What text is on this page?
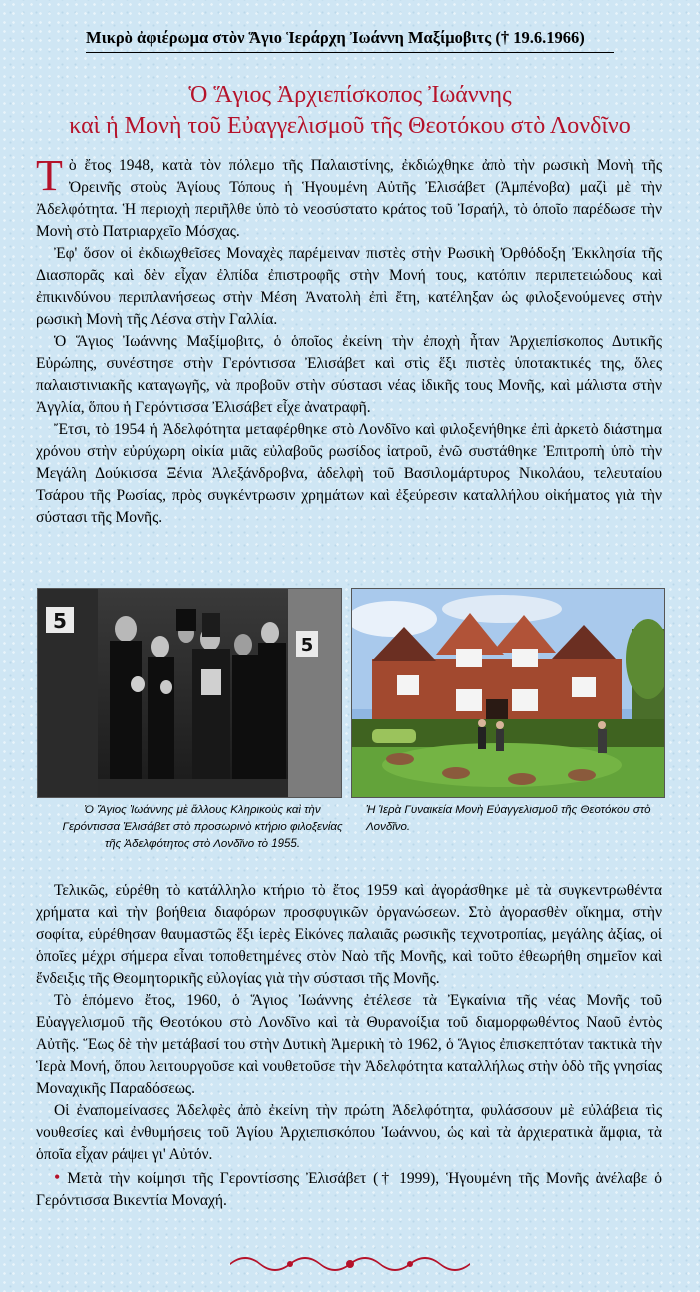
Μικρὸ ἀφιέρωμα στὸν Ἅγιο Ἱεράρχη Ἰωάννη Μαξίμοβιτς († 19.6.1966)
Ὁ Ἅγιος Ἀρχιεπίσκοπος Ἰωάννης
καὶ ἡ Μονὴ τοῦ Εὐαγγελισμοῦ τῆς Θεοτόκου στὸ Λονδῖνο

Τὸ ἔτος 1948, κατὰ τὸν πόλεμο τῆς Παλαιστίνης, ἐκδιώχθηκε ἀπὸ τὴν ρωσικὴ Μονὴ τῆς Ὀρεινῆς στοὺς Ἁγίους Τόπους ἡ Ἡγουμένη Αὐτῆς Ἐλισάβετ (Ἀμπένοβα) μαζὶ μὲ τὴν Ἀδελφότητα. Ἡ περιοχὴ περιῆλθε ὑπὸ τὸ νεοσύστατο κράτος τοῦ Ἰσραήλ, τὸ ὁποῖο παρέδωσε τὴν Μονὴ στὸ Πατριαρχεῖο Μόσχας.

Ἐφ' ὅσον οἱ ἐκδιωχθεῖσες Μοναχὲς παρέμειναν πιστὲς στὴν Ρωσικὴ Ὀρθόδοξη Ἐκκλησία τῆς Διασπορᾶς καὶ δὲν εἶχαν ἐλπίδα ἐπιστροφῆς στὴν Μονή τους, κατόπιν περιπετειώδους καὶ ἐπικινδύνου περιπλανήσεως στὴν Μέση Ἀνατολὴ ἐπὶ ἔτη, κατέληξαν ὡς φιλοξενούμενες στὴν ρωσικὴ Μονὴ τῆς Λέσνα στὴν Γαλλία.

Ὁ Ἅγιος Ἰωάννης Μαξίμοβιτς, ὁ ὁποῖος ἐκείνη τὴν ἐποχὴ ἦταν Ἀρχιεπίσκοπος Δυτικῆς Εὐρώπης, συνέστησε στὴν Γερόντισσα Ἐλισάβετ καὶ στὶς ἕξι πιστὲς ὑποτακτικές της, ὅλες παλαιστινιακῆς καταγωγῆς, νὰ προβοῦν στὴν σύστασι νέας ἰδικῆς τους Μονῆς, καὶ μάλιστα στὴν Ἀγγλία, ὅπου ἡ Γερόντισσα Ἐλισάβετ εἶχε ἀνατραφῆ.

Ἔτσι, τὸ 1954 ἡ Ἀδελφότητα μεταφέρθηκε στὸ Λονδῖνο καὶ φιλοξενήθηκε ἐπὶ ἀρκετὸ διάστημα χρόνου στὴν εὐρύχωρη οἰκία μιᾶς εὐλαβοῦς ρωσίδος ἰατροῦ, ἐνῶ συστάθηκε Ἐπιτροπὴ ὑπὸ τὴν Μεγάλη Δούκισσα Ξένια Ἀλεξάνδροβνα, ἀδελφὴ τοῦ Βασιλομάρτυρος Νικολάου, τελευταίου Τσάρου τῆς Ρωσίας, πρὸς συγκέντρωσιν χρημάτων καὶ ἐξεύρεσιν καταλλήλου οἰκήματος γιὰ τὴν σύστασι τῆς Μονῆς.

5
5
Ὁ Ἅγιος Ἰωάννης μὲ ἄλλους Κληρικοὺς καὶ τὴν Γερόντισσα Ἐλισάβετ στὸ προσωρινὸ κτήριο φιλοξενίας τῆς Ἀδελφότητος στὸ Λονδῖνο τὸ 1955.
Ἡ Ἱερὰ Γυναικεία Μονὴ Εὐαγγελισμοῦ τῆς Θεοτόκου στὸ Λονδῖνο.

Τελικῶς, εὑρέθη τὸ κατάλληλο κτήριο τὸ ἔτος 1959 καὶ ἀγοράσθηκε μὲ τὰ συγκεντρωθέντα χρήματα καὶ τὴν βοήθεια διαφόρων προσφυγικῶν ὀργανώσεων. Στὸ ἀγορασθὲν οἴκημα, στὴν σοφίτα, εὑρέθησαν θαυμαστῶς ἕξι ἱερὲς Εἰκόνες παλαιᾶς ρωσικῆς τεχνοτροπίας, μεγάλης ἀξίας, οἱ ὁποῖες μέχρι σήμερα εἶναι τοποθετημένες στὸν Ναὸ τῆς Μονῆς, καὶ τοῦτο ἐθεωρήθη σημεῖον καὶ ἔνδειξις τῆς Θεομητορικῆς εὐλογίας γιὰ τὴν σύστασι τῆς Μονῆς.

Τὸ ἑπόμενο ἔτος, 1960, ὁ Ἅγιος Ἰωάννης ἐτέλεσε τὰ Ἐγκαίνια τῆς νέας Μονῆς τοῦ Εὐαγγελισμοῦ τῆς Θεοτόκου στὸ Λονδῖνο καὶ τὰ Θυρανοίξια τοῦ διαμορφωθέντος Ναοῦ ἐντὸς Αὐτῆς. Ἕως δὲ τὴν μετάβασί του στὴν Δυτικὴ Ἀμερικὴ τὸ 1962, ὁ Ἅγιος ἐπισκεπτόταν τακτικὰ τὴν Ἱερὰ Μονή, ὅπου λειτουργοῦσε καὶ νουθετοῦσε τὴν Ἀδελφότητα καταλλήλως στὴν ὁδὸ τῆς γνησίας Μοναχικῆς Παραδόσεως.

Οἱ ἐναπομείνασες Ἀδελφὲς ἀπὸ ἐκείνη τὴν πρώτη Ἀδελφότητα, φυλάσσουν μὲ εὐλάβεια τὶς νουθεσίες καὶ ἐνθυμήσεις τοῦ Ἁγίου Ἀρχιεπισκόπου Ἰωάννου, ὡς καὶ τὰ ἀρχιερατικὰ ἄμφια, τὰ ὁποῖα εἶχαν ράψει γι' Αὐτόν.

• Μετὰ τὴν κοίμησι τῆς Γεροντίσσης Ἐλισάβετ († 1999), Ἡγουμένη τῆς Μονῆς ἀνέλαβε ὁ Γερόντισσα Βικεντία Μοναχή.
